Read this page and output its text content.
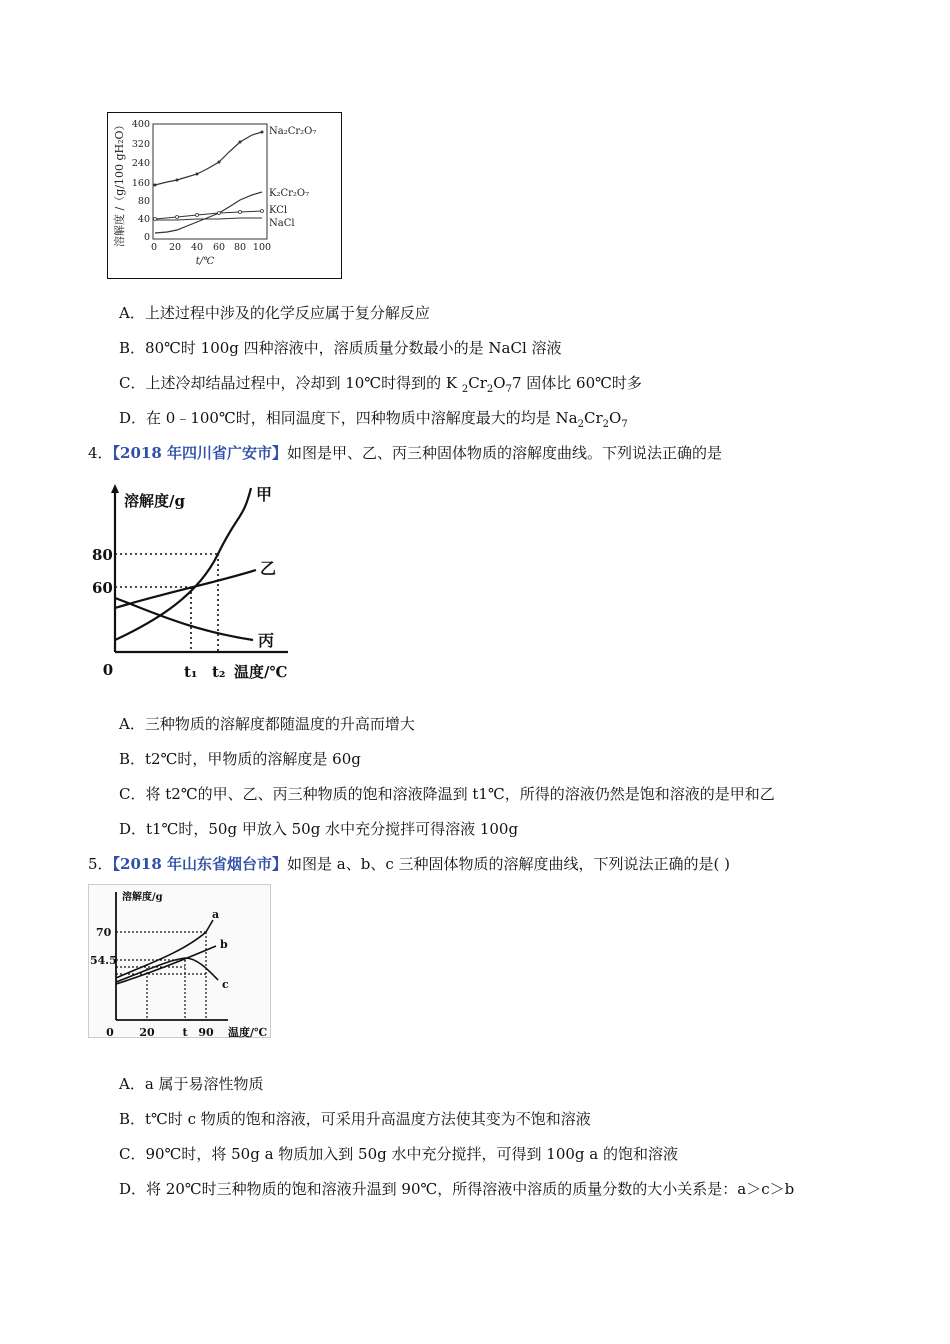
溶解度 /（g/100 gH₂O） 400
320
240
160
80
40
0
0 20 40 60 80 100
t/℃
Na₂Cr₂O₇
K₂Cr₂O₇
KCl
NaCl
A．上述过程中涉及的化学反应属于复分解反应
B．80℃时 100g 四种溶液中，溶质质量分数最小的是 NaCl 溶液
C．上述冷却结晶过程中，冷却到 10℃时得到的 K $_2Cr_2O_77$ 固体比 60℃时多
D．在 0﹣100℃时，相同温度下，四种物质中溶解度最大的均是 $Na_2Cr_2O_7$
4．【2018 年四川省广安市】如图是甲、乙、丙三种固体物质的溶解度曲线。下列说法正确的是
溶解度/g
0
80
60
甲
乙
丙
t₁ t₂ 温度/℃
A．三种物质的溶解度都随温度的升高而增大
B．t2℃时，甲物质的溶解度是 60g
C．将 t2℃的甲、乙、丙三种物质的饱和溶液降温到 t1℃，所得的溶液仍然是饱和溶液的是甲和乙
D．t1℃时，50g 甲放入 50g 水中充分搅拌可得溶液 100g
5．【2018 年山东省烟台市】如图是 a、b、c 三种固体物质的溶解度曲线，下列说法正确的是( )
溶解度/g
70
54.5
a
b
c
0 20	t 90 温度/℃
A．a 属于易溶性物质
B．t℃时 c 物质的饱和溶液，可采用升高温度方法使其变为不饱和溶液
C．90℃时，将 50g a 物质加入到 50g 水中充分搅拌，可得到 100g a 的饱和溶液
D．将 20℃时三种物质的饱和溶液升温到 90℃，所得溶液中溶质的质量分数的大小关系是：a＞c＞b
